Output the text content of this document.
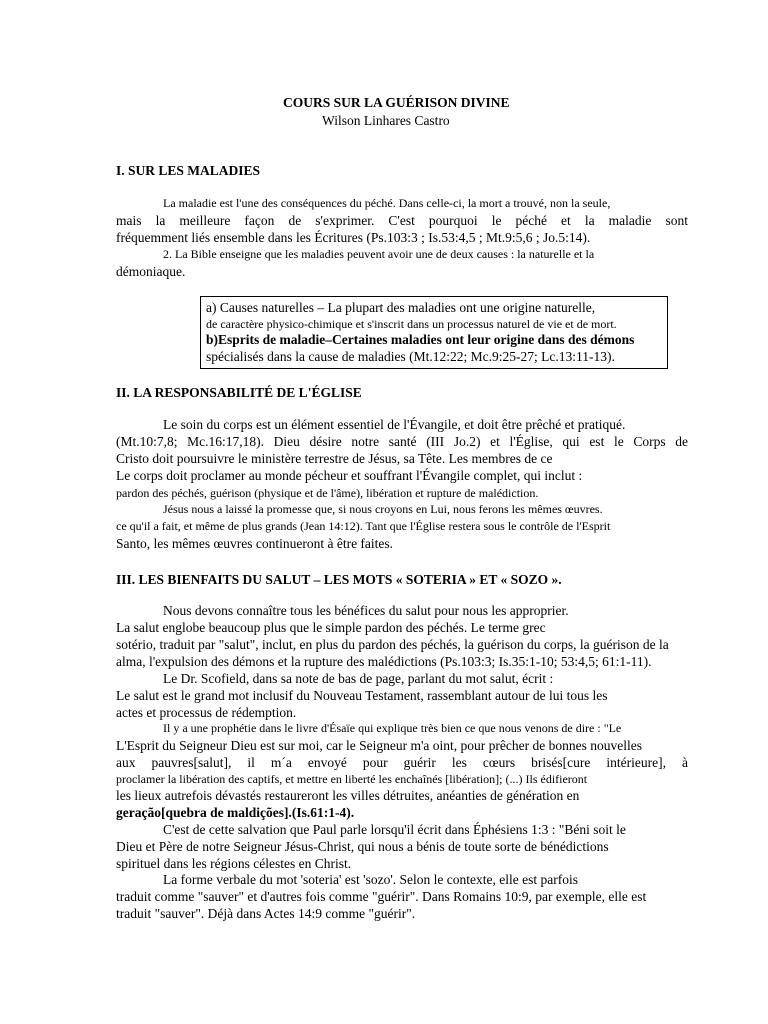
COURS SUR LA GUÉRISON DIVINE
Wilson Linhares Castro
I. SUR LES MALADIES
La maladie est l'une des conséquences du péché. Dans celle-ci, la mort a trouvé, non la seule,
mais la meilleure façon de s'exprimer. C'est pourquoi le péché et la maladie sont
fréquemment liés ensemble dans les Écritures (Ps.103:3 ; Is.53:4,5 ; Mt.9:5,6 ; Jo.5:14).
2. La Bible enseigne que les maladies peuvent avoir une de deux causes : la naturelle et la
démoniaque.
a) Causes naturelles – La plupart des maladies ont une origine naturelle,
de caractère physico-chimique et s'inscrit dans un processus naturel de vie et de mort.
b)Esprits de maladie–Certaines maladies ont leur origine dans des démons
spécialisés dans la cause de maladies (Mt.12:22; Mc.9:25-27; Lc.13:11-13).
II. LA RESPONSABILITÉ DE L'ÉGLISE
Le soin du corps est un élément essentiel de l'Évangile, et doit être prêché et pratiqué.
(Mt.10:7,8; Mc.16:17,18). Dieu désire notre santé (III Jo.2) et l'Église, qui est le Corps de
Cristo doit poursuivre le ministère terrestre de Jésus, sa Tête. Les membres de ce
Le corps doit proclamer au monde pécheur et souffrant l'Évangile complet, qui inclut :
pardon des péchés, guérison (physique et de l'âme), libération et rupture de malédiction.
Jésus nous a laissé la promesse que, si nous croyons en Lui, nous ferons les mêmes œuvres.
ce qu'il a fait, et même de plus grands (Jean 14:12). Tant que l'Église restera sous le contrôle de l'Esprit
Santo, les mêmes œuvres continueront à être faites.
III. LES BIENFAITS DU SALUT – LES MOTS « SOTERIA » ET « SOZO ».
Nous devons connaître tous les bénéfices du salut pour nous les approprier.
La salut englobe beaucoup plus que le simple pardon des péchés. Le terme grec
sotério, traduit par "salut", inclut, en plus du pardon des péchés, la guérison du corps, la guérison de la
alma, l'expulsion des démons et la rupture des malédictions (Ps.103:3; Is.35:1-10; 53:4,5; 61:1-11).
Le Dr. Scofield, dans sa note de bas de page, parlant du mot salut, écrit :
Le salut est le grand mot inclusif du Nouveau Testament, rassemblant autour de lui tous les
actes et processus de rédemption.
Il y a une prophétie dans le livre d'Ésaïe qui explique très bien ce que nous venons de dire : "Le
L'Esprit du Seigneur Dieu est sur moi, car le Seigneur m'a oint, pour prêcher de bonnes nouvelles
aux pauvres[salut], il m´a envoyé pour guérir les cœurs brisés[cure intérieure], à
proclamer la libération des captifs, et mettre en liberté les enchaînés [libération]; (...) Ils édifieront
les lieux autrefois dévastés restaureront les villes détruites, anéanties de génération en
geração[quebra de maldições].(Is.61:1-4).
C'est de cette salvation que Paul parle lorsqu'il écrit dans Éphésiens 1:3 : "Béni soit le
Dieu et Père de notre Seigneur Jésus-Christ, qui nous a bénis de toute sorte de bénédictions
spirituel dans les régions célestes en Christ.
La forme verbale du mot 'soteria' est 'sozo'. Selon le contexte, elle est parfois
traduit comme "sauver" et d'autres fois comme "guérir". Dans Romains 10:9, par exemple, elle est
traduit "sauver". Déjà dans Actes 14:9 comme "guérir".
